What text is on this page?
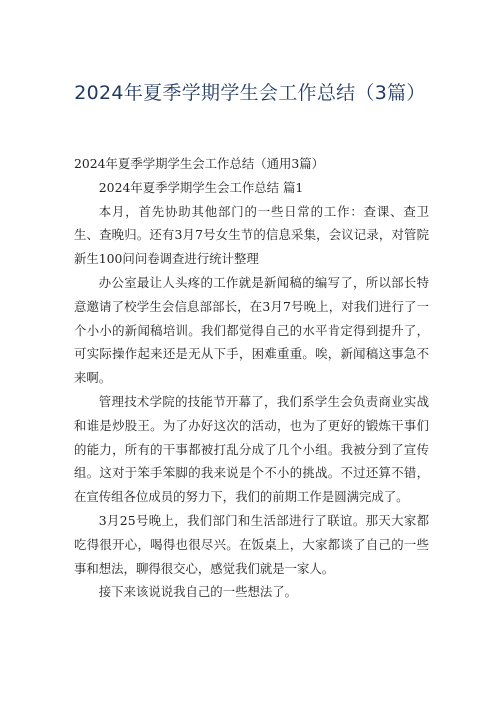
2024年夏季学期学生会工作总结（3篇）

2024年夏季学期学生会工作总结（通用3篇）

2024年夏季学期学生会工作总结 篇1

本月，首先协助其他部门的一些日常的工作：查课、查卫生、查晚归。还有3月7号女生节的信息采集，会议记录，对管院新生100问问卷调查进行统计整理

办公室最让人头疼的工作就是新闻稿的编写了，所以部长特意邀请了校学生会信息部部长，在3月7号晚上，对我们进行了一个小小的新闻稿培训。我们都觉得自己的水平肯定得到提升了，可实际操作起来还是无从下手，困难重重。唉，新闻稿这事急不来啊。

管理技术学院的技能节开幕了，我们系学生会负责商业实战和谁是炒股王。为了办好这次的活动，也为了更好的锻炼干事们的能力，所有的干事都被打乱分成了几个小组。我被分到了宣传组。这对于笨手笨脚的我来说是个不小的挑战。不过还算不错，在宣传组各位成员的努力下，我们的前期工作是圆满完成了。

3月25号晚上，我们部门和生活部进行了联谊。那天大家都吃得很开心，喝得也很尽兴。在饭桌上，大家都谈了自己的一些事和想法，聊得很交心，感觉我们就是一家人。

接下来该说说我自己的一些想法了。
